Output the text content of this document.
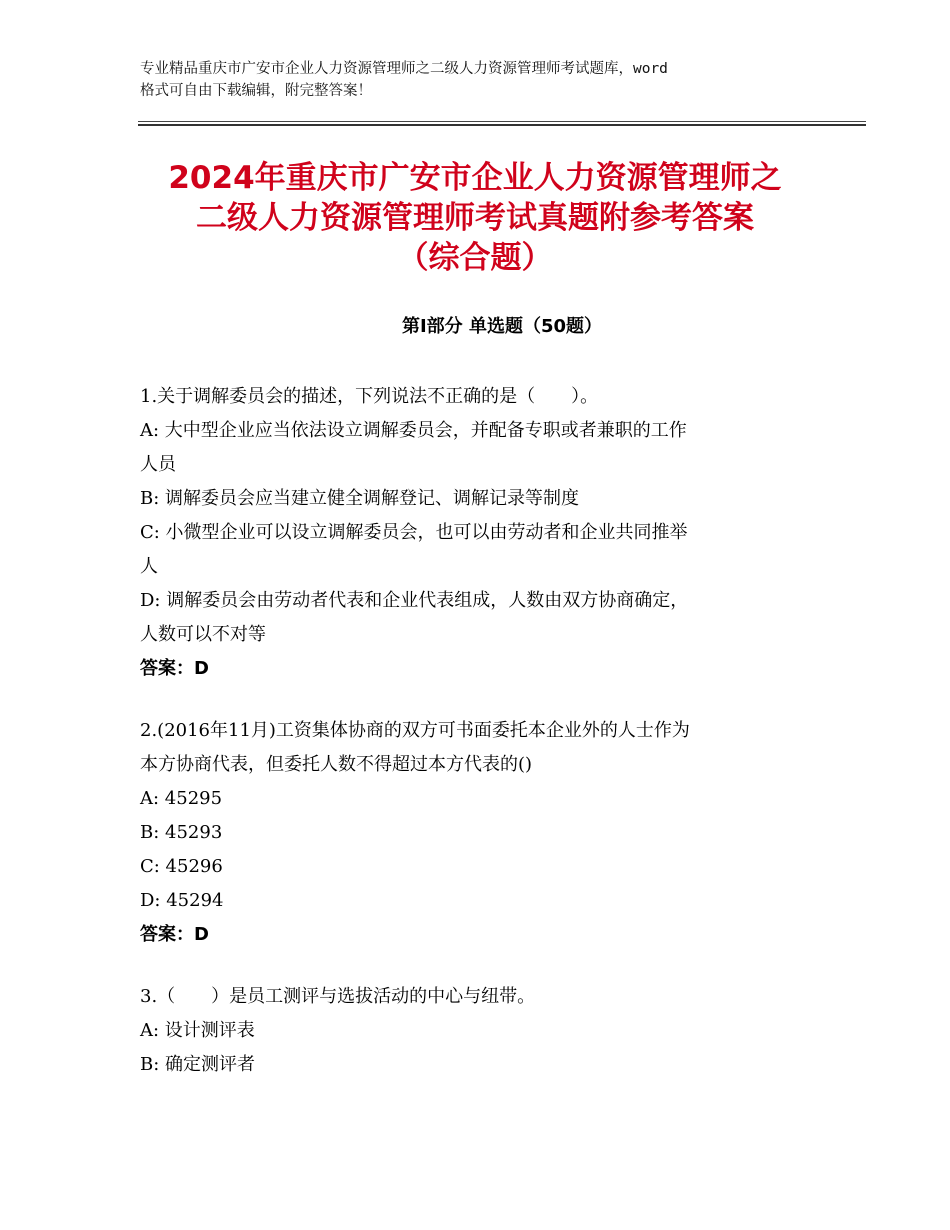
专业精品重庆市广安市企业人力资源管理师之二级人力资源管理师考试题库，word
格式可自由下载编辑，附完整答案！
2024年重庆市广安市企业人力资源管理师之
二级人力资源管理师考试真题附参考答案
（综合题）
第Ⅰ部分 单选题（50题）
1.关于调解委员会的描述，下列说法不正确的是（　　）。
A: 大中型企业应当依法设立调解委员会，并配备专职或者兼职的工作
人员
B: 调解委员会应当建立健全调解登记、调解记录等制度
C: 小微型企业可以设立调解委员会，也可以由劳动者和企业共同推举
人
D: 调解委员会由劳动者代表和企业代表组成，人数由双方协商确定，
人数可以不对等
答案：D
2.(2016年11月)工资集体协商的双方可书面委托本企业外的人士作为
本方协商代表，但委托人数不得超过本方代表的()
A: 45295
B: 45293
C: 45296
D: 45294
答案：D
3.（　　）是员工测评与选拔活动的中心与纽带。
A: 设计测评表
B: 确定测评者
